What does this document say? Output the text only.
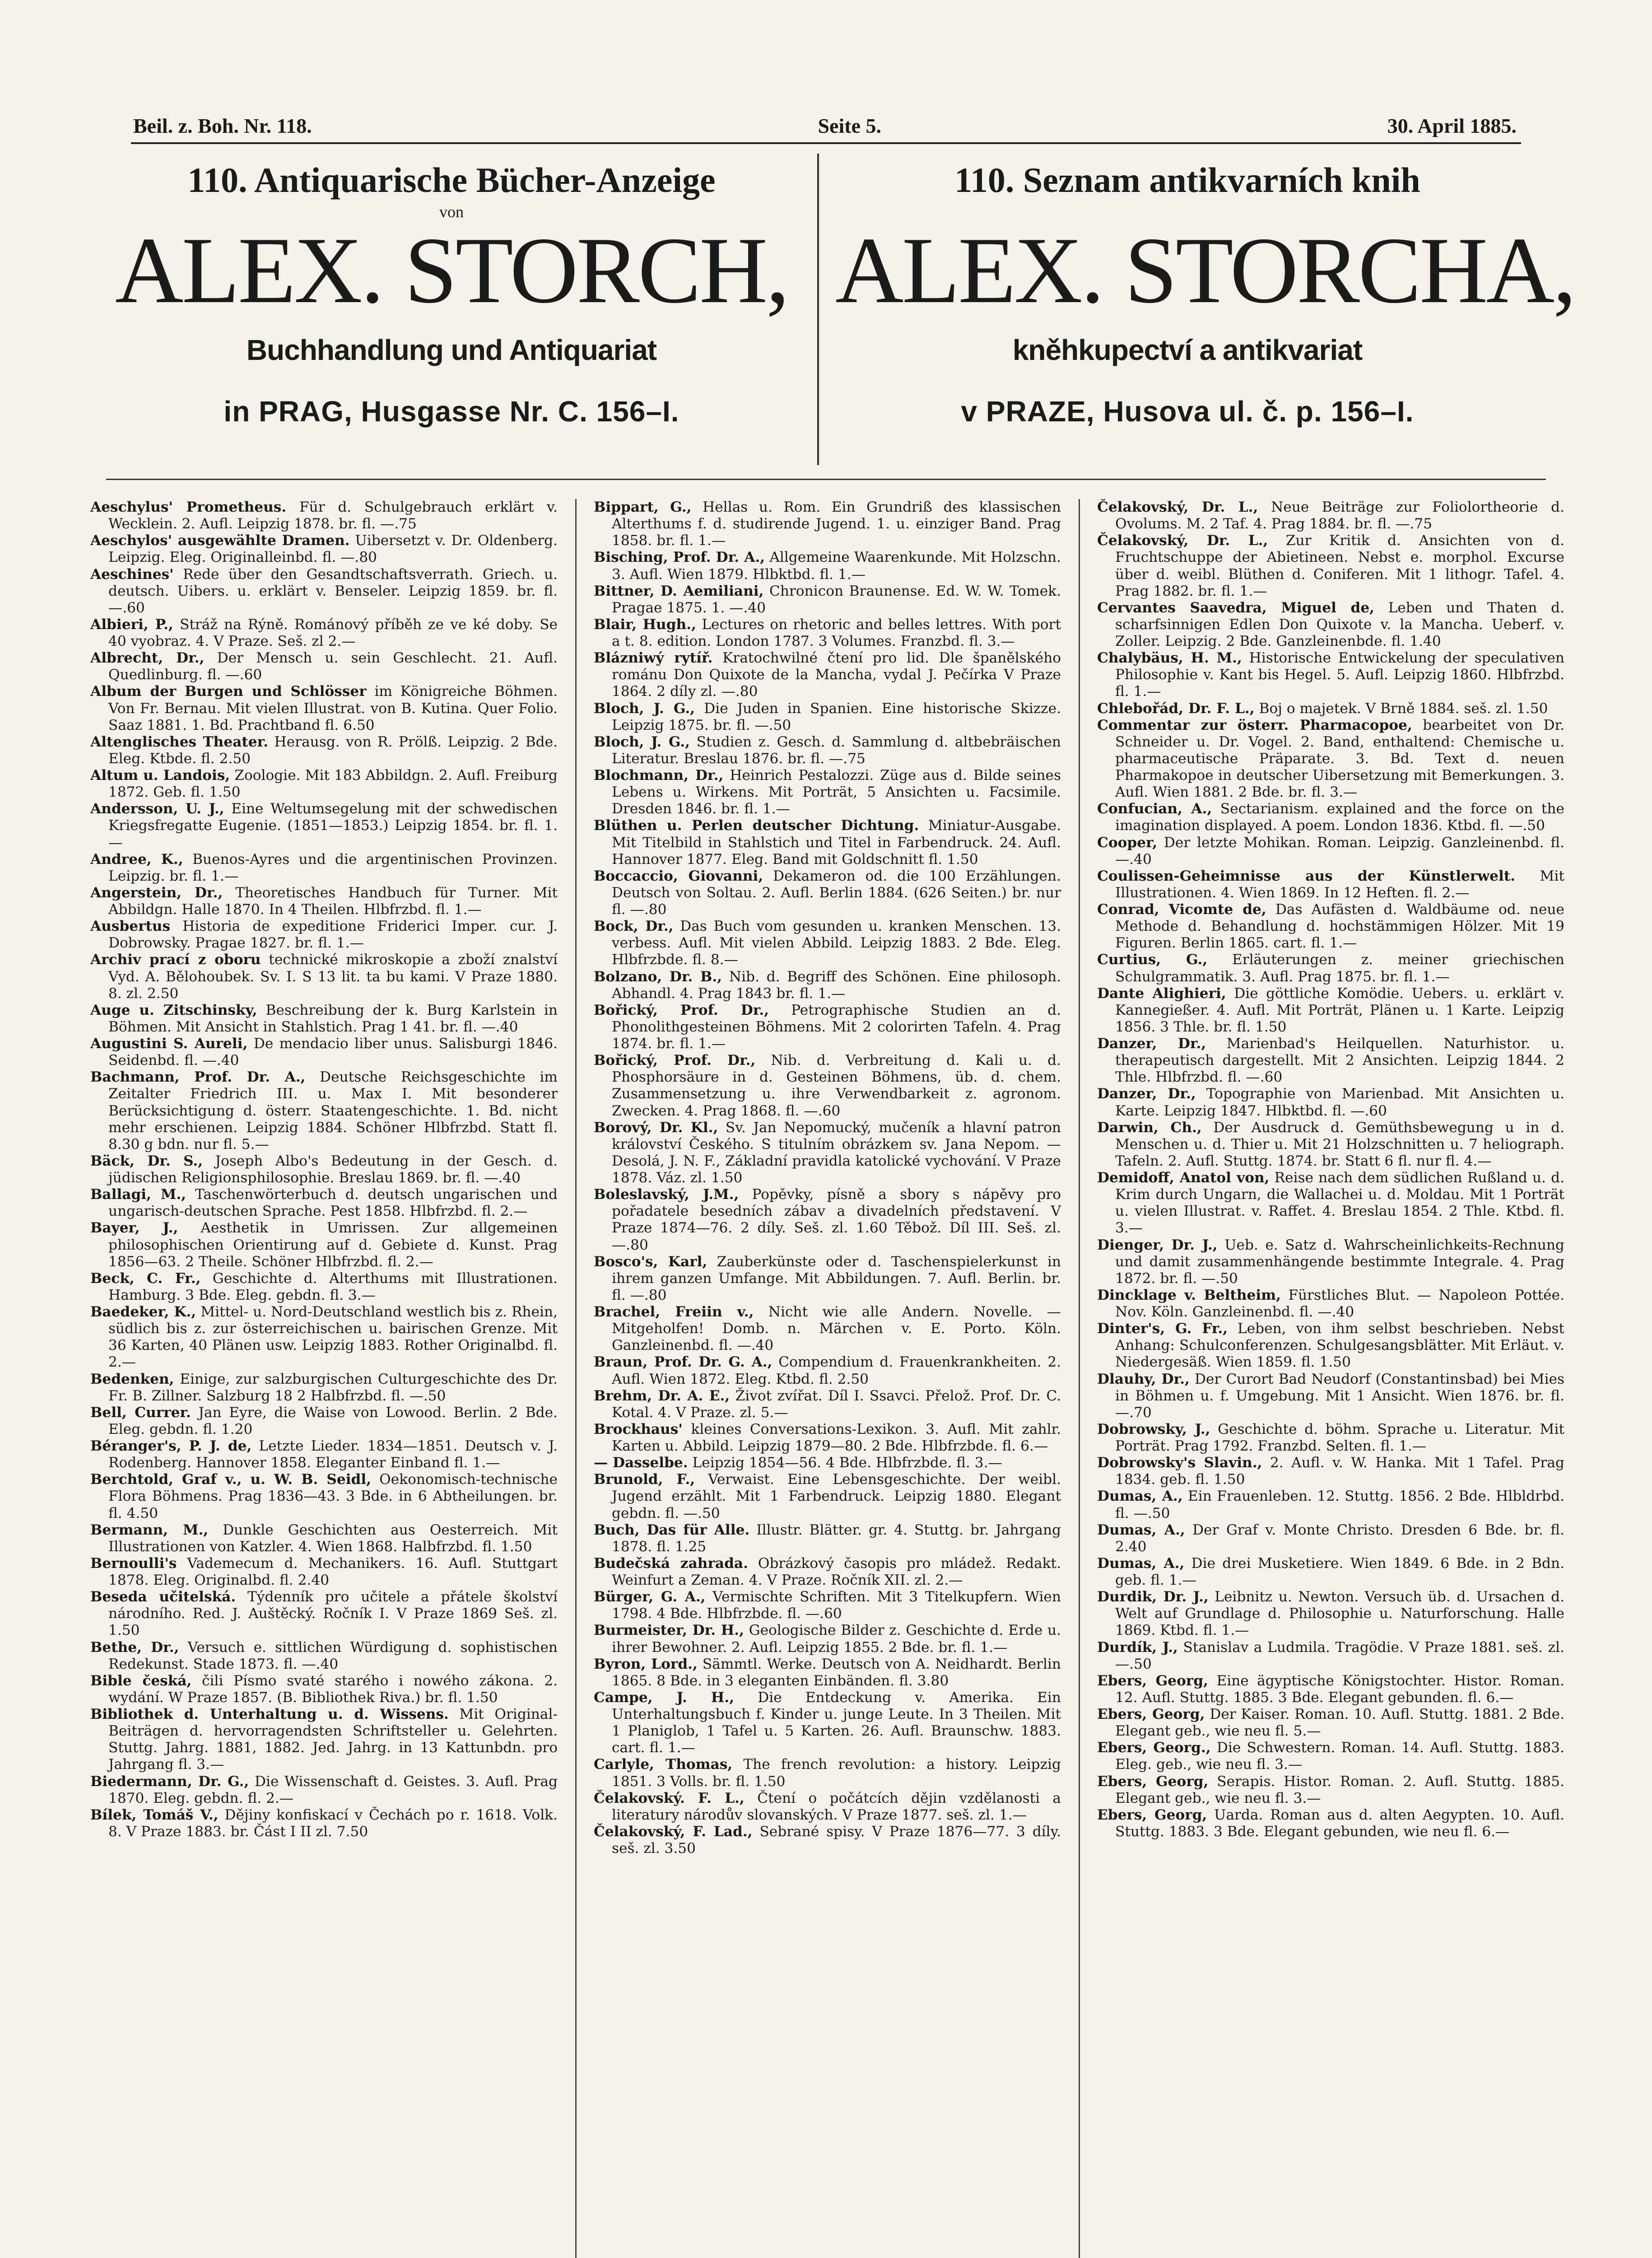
Beil. z. Boh. Nr. 118.	Seite 5.	30. April 1885.
110. Antiquarische Bücher-Anzeige
von
ALEX. STORCH,
Buchhandlung und Antiquariat
in PRAG, Husgasse Nr. C. 156–I.
110. Seznam antikvarních knih
ALEX. STORCHA,
kněhkupectví a antikvariat
v PRAZE, Husova ul. č. p. 156–I.

Aeschylus' Prometheus. Für d. Schulgebrauch erklärt v. Wecklein. 2. Aufl. Leipzig 1878. br. fl. —.75

Aeschylos' ausgewählte Dramen. Uibersetzt v. Dr. Oldenberg. Leipzig. Eleg. Originalleinbd. fl. —.80

Aeschines' Rede über den Gesandtschaftsverrath. Griech. u. deutsch. Uibers. u. erklärt v. Benseler. Leipzig 1859. br. fl. —.60

Albieri, P., Stráž na Rýně. Románový příběh ze ve ké doby. Se 40 vyobraz. 4. V Praze. Seš. zl 2.—

Albrecht, Dr., Der Mensch u. sein Geschlecht. 21. Aufl. Quedlinburg. fl. —.60

Album der Burgen und Schlösser im Königreiche Böhmen. Von Fr. Bernau. Mit vielen Illustrat. von B. Kutina. Quer Folio. Saaz 1881. 1. Bd. Prachtband fl. 6.50

Altenglisches Theater. Herausg. von R. Prölß. Leipzig. 2 Bde. Eleg. Ktbde. fl. 2.50

Altum u. Landois, Zoologie. Mit 183 Abbildgn. 2. Aufl. Freiburg 1872. Geb. fl. 1.50

Andersson, U. J., Eine Weltumsegelung mit der schwedischen Kriegsfregatte Eugenie. (1851—1853.) Leipzig 1854. br. fl. 1.—

Andree, K., Buenos-Ayres und die argentinischen Provinzen. Leipzig. br. fl. 1.—

Angerstein, Dr., Theoretisches Handbuch für Turner. Mit Abbildgn. Halle 1870. In 4 Theilen. Hlbfrzbd. fl. 1.—

Ausbertus Historia de expeditione Friderici Imper. cur. J. Dobrowsky. Pragae 1827. br. fl. 1.—

Archiv prací z oboru technické mikroskopie a zboží znalství Vyd. A. Bělohoubek. Sv. I. S 13 lit. ta bu kami. V Praze 1880. 8. zl. 2.50

Auge u. Zitschinsky, Beschreibung der k. Burg Karlstein in Böhmen. Mit Ansicht in Stahlstich. Prag 1 41. br. fl. —.40

Augustini S. Aureli, De mendacio liber unus. Salisburgi 1846. Seidenbd. fl. —.40

Bachmann, Prof. Dr. A., Deutsche Reichsgeschichte im Zeitalter Friedrich III. u. Max I. Mit besonderer Berücksichtigung d. österr. Staatengeschichte. 1. Bd. nicht mehr erschienen. Leipzig 1884. Schöner Hlbfrzbd. Statt fl. 8.30 g bdn. nur fl. 5.—

Bäck, Dr. S., Joseph Albo's Bedeutung in der Gesch. d. jüdischen Religionsphilosophie. Breslau 1869. br. fl. —.40

Ballagi, M., Taschenwörterbuch d. deutsch ungarischen und ungarisch-deutschen Sprache. Pest 1858. Hlbfrzbd. fl. 2.—

Bayer, J., Aesthetik in Umrissen. Zur allgemeinen philosophischen Orientirung auf d. Gebiete d. Kunst. Prag 1856—63. 2 Theile. Schöner Hlbfrzbd. fl. 2.—

Beck, C. Fr., Geschichte d. Alterthums mit Illustrationen. Hamburg. 3 Bde. Eleg. gebdn. fl. 3.—

Baedeker, K., Mittel- u. Nord-Deutschland westlich bis z. Rhein, südlich bis z. zur österreichischen u. bairischen Grenze. Mit 36 Karten, 40 Plänen usw. Leipzig 1883. Rother Originalbd. fl. 2.—

Bedenken, Einige, zur salzburgischen Culturgeschichte des Dr. Fr. B. Zillner. Salzburg 18 2 Halbfrzbd. fl. —.50

Bell, Currer. Jan Eyre, die Waise von Lowood. Berlin. 2 Bde. Eleg. gebdn. fl. 1.20

Béranger's, P. J. de, Letzte Lieder. 1834—1851. Deutsch v. J. Rodenberg. Hannover 1858. Eleganter Einband fl. 1.—

Berchtold, Graf v., u. W. B. Seidl, Oekonomisch-technische Flora Böhmens. Prag 1836—43. 3 Bde. in 6 Abtheilungen. br. fl. 4.50

Bermann, M., Dunkle Geschichten aus Oesterreich. Mit Illustrationen von Katzler. 4. Wien 1868. Halbfrzbd. fl. 1.50

Bernoulli's Vademecum d. Mechanikers. 16. Aufl. Stuttgart 1878. Eleg. Originalbd. fl. 2.40

Beseda učitelská. Týdenník pro učitele a přátele školství národního. Red. J. Auštěcký. Ročník I. V Praze 1869 Seš. zl. 1.50

Bethe, Dr., Versuch e. sittlichen Würdigung d. sophistischen Redekunst. Stade 1873. fl. —.40

Bible česká, čili Písmo svaté starého i nowého zákona. 2. wydání. W Praze 1857. (B. Bibliothek Riva.) br. fl. 1.50

Bibliothek d. Unterhaltung u. d. Wissens. Mit Original-Beiträgen d. hervorragendsten Schriftsteller u. Gelehrten. Stuttg. Jahrg. 1881, 1882. Jed. Jahrg. in 13 Kattunbdn. pro Jahrgang fl. 3.—

Biedermann, Dr. G., Die Wissenschaft d. Geistes. 3. Aufl. Prag 1870. Eleg. gebdn. fl. 2.—

Bílek, Tomáš V., Dějiny konfiskací v Čechách po r. 1618. Volk. 8. V Praze 1883. br. Část I II zl. 7.50

Bippart, G., Hellas u. Rom. Ein Grundriß des klassischen Alterthums f. d. studirende Jugend. 1. u. einziger Band. Prag 1858. br. fl. 1.—

Bisching, Prof. Dr. A., Allgemeine Waarenkunde. Mit Holzschn. 3. Aufl. Wien 1879. Hlbktbd. fl. 1.—

Bittner, D. Aemiliani, Chronicon Braunense. Ed. W. W. Tomek. Pragae 1875. 1. —.40

Blair, Hugh., Lectures on rhetoric and belles lettres. With port a t. 8. edition. London 1787. 3 Volumes. Franzbd. fl. 3.—

Blázniwý rytíř. Kratochwilné čtení pro lid. Dle španělského románu Don Quixote de la Mancha, vydal J. Pečírka V Praze 1864. 2 díly zl. —.80

Bloch, J. G., Die Juden in Spanien. Eine historische Skizze. Leipzig 1875. br. fl. —.50

Bloch, J. G., Studien z. Gesch. d. Sammlung d. altbebräischen Literatur. Breslau 1876. br. fl. —.75

Blochmann, Dr., Heinrich Pestalozzi. Züge aus d. Bilde seines Lebens u. Wirkens. Mit Porträt, 5 Ansichten u. Facsimile. Dresden 1846. br. fl. 1.—

Blüthen u. Perlen deutscher Dichtung. Miniatur-Ausgabe. Mit Titelbild in Stahlstich und Titel in Farbendruck. 24. Aufl. Hannover 1877. Eleg. Band mit Goldschnitt fl. 1.50

Boccaccio, Giovanni, Dekameron od. die 100 Erzählungen. Deutsch von Soltau. 2. Aufl. Berlin 1884. (626 Seiten.) br. nur fl. —.80

Bock, Dr., Das Buch vom gesunden u. kranken Menschen. 13. verbess. Aufl. Mit vielen Abbild. Leipzig 1883. 2 Bde. Eleg. Hlbfrzbde. fl. 8.—

Bolzano, Dr. B., Nib. d. Begriff des Schönen. Eine philosoph. Abhandl. 4. Prag 1843 br. fl. 1.—

Bořický, Prof. Dr., Petrographische Studien an d. Phonolithgesteinen Böhmens. Mit 2 colorirten Tafeln. 4. Prag 1874. br. fl. 1.—

Bořický, Prof. Dr., Nib. d. Verbreitung d. Kali u. d. Phosphorsäure in d. Gesteinen Böhmens, üb. d. chem. Zusammensetzung u. ihre Verwendbarkeit z. agronom. Zwecken. 4. Prag 1868. fl. —.60

Borový, Dr. Kl., Sv. Jan Nepomucký, mučeník a hlavní patron království Českého. S titulním obrázkem sv. Jana Nepom. — Desolá, J. N. F., Základní pravidla katolické vychování. V Praze 1878. Váz. zl. 1.50

Boleslavský, J.M., Popěvky, písně a sbory s nápěvy pro pořadatele besedních zábav a divadelních představení. V Praze 1874—76. 2 díly. Seš. zl. 1.60 Těbož. Díl III. Seš. zl. —.80

Bosco's, Karl, Zauberkünste oder d. Taschenspielerkunst in ihrem ganzen Umfange. Mit Abbildungen. 7. Aufl. Berlin. br. fl. —.80

Brachel, Freiin v., Nicht wie alle Andern. Novelle. — Mitgeholfen! Domb. n. Märchen v. E. Porto. Köln. Ganzleinenbd. fl. —.40

Braun, Prof. Dr. G. A., Compendium d. Frauenkrankheiten. 2. Aufl. Wien 1872. Eleg. Ktbd. fl. 2.50

Brehm, Dr. A. E., Život zvířat. Díl I. Ssavci. Přelož. Prof. Dr. C. Kotal. 4. V Praze. zl. 5.—

Brockhaus' kleines Conversations-Lexikon. 3. Aufl. Mit zahlr. Karten u. Abbild. Leipzig 1879—80. 2 Bde. Hlbfrzbde. fl. 6.—

— Dasselbe. Leipzig 1854—56. 4 Bde. Hlbfrzbde. fl. 3.—

Brunold, F., Verwaist. Eine Lebensgeschichte. Der weibl. Jugend erzählt. Mit 1 Farbendruck. Leipzig 1880. Elegant gebdn. fl. —.50

Buch, Das für Alle. Illustr. Blätter. gr. 4. Stuttg. br. Jahrgang 1878. fl. 1.25

Budečská zahrada. Obrázkový časopis pro mládež. Redakt. Weinfurt a Zeman. 4. V Praze. Ročník XII. zl. 2.—

Bürger, G. A., Vermischte Schriften. Mit 3 Titelkupfern. Wien 1798. 4 Bde. Hlbfrzbde. fl. —.60

Burmeister, Dr. H., Geologische Bilder z. Geschichte d. Erde u. ihrer Bewohner. 2. Aufl. Leipzig 1855. 2 Bde. br. fl. 1.—

Byron, Lord., Sämmtl. Werke. Deutsch von A. Neidhardt. Berlin 1865. 8 Bde. in 3 eleganten Einbänden. fl. 3.80

Campe, J. H., Die Entdeckung v. Amerika. Ein Unterhaltungsbuch f. Kinder u. junge Leute. In 3 Theilen. Mit 1 Planiglob, 1 Tafel u. 5 Karten. 26. Aufl. Braunschw. 1883. cart. fl. 1.—

Carlyle, Thomas, The french revolution: a history. Leipzig 1851. 3 Volls. br. fl. 1.50

Čelakovský. F. L., Čtení o počátcích dějin vzdělanosti a literatury národův slovanských. V Praze 1877. seš. zl. 1.—

Čelakovský, F. Lad., Sebrané spisy. V Praze 1876—77. 3 díly. seš. zl. 3.50

Čelakovský, Dr. L., Neue Beiträge zur Foliolortheorie d. Ovolums. M. 2 Taf. 4. Prag 1884. br. fl. —.75

Čelakovský, Dr. L., Zur Kritik d. Ansichten von d. Fruchtschuppe der Abietineen. Nebst e. morphol. Excurse über d. weibl. Blüthen d. Coniferen. Mit 1 lithogr. Tafel. 4. Prag 1882. br. fl. 1.—

Cervantes Saavedra, Miguel de, Leben und Thaten d. scharfsinnigen Edlen Don Quixote v. la Mancha. Ueberf. v. Zoller. Leipzig. 2 Bde. Ganzleinenbde. fl. 1.40

Chalybäus, H. M., Historische Entwickelung der speculativen Philosophie v. Kant bis Hegel. 5. Aufl. Leipzig 1860. Hlbfrzbd. fl. 1.—

Chlebořád, Dr. F. L., Boj o majetek. V Brně 1884. seš. zl. 1.50

Commentar zur österr. Pharmacopoe, bearbeitet von Dr. Schneider u. Dr. Vogel. 2. Band, enthaltend: Chemische u. pharmaceutische Präparate. 3. Bd. Text d. neuen Pharmakopoe in deutscher Uibersetzung mit Bemerkungen. 3. Aufl. Wien 1881. 2 Bde. br. fl. 3.—

Confucian, A., Sectarianism. explained and the force on the imagination displayed. A poem. London 1836. Ktbd. fl. —.50

Cooper, Der letzte Mohikan. Roman. Leipzig. Ganzleinenbd. fl. —.40

Coulissen-Geheimnisse aus der Künstlerwelt. Mit Illustrationen. 4. Wien 1869. In 12 Heften. fl. 2.—

Conrad, Vicomte de, Das Aufästen d. Waldbäume od. neue Methode d. Behandlung d. hochstämmigen Hölzer. Mit 19 Figuren. Berlin 1865. cart. fl. 1.—

Curtius, G., Erläuterungen z. meiner griechischen Schulgrammatik. 3. Aufl. Prag 1875. br. fl. 1.—

Dante Alighieri, Die göttliche Komödie. Uebers. u. erklärt v. Kannegießer. 4. Aufl. Mit Porträt, Plänen u. 1 Karte. Leipzig 1856. 3 Thle. br. fl. 1.50

Danzer, Dr., Marienbad's Heilquellen. Naturhistor. u. therapeutisch dargestellt. Mit 2 Ansichten. Leipzig 1844. 2 Thle. Hlbfrzbd. fl. —.60

Danzer, Dr., Topographie von Marienbad. Mit Ansichten u. Karte. Leipzig 1847. Hlbktbd. fl. —.60

Darwin, Ch., Der Ausdruck d. Gemüthsbewegung u in d. Menschen u. d. Thier u. Mit 21 Holzschnitten u. 7 heliograph. Tafeln. 2. Aufl. Stuttg. 1874. br. Statt 6 fl. nur fl. 4.—

Demidoff, Anatol von, Reise nach dem südlichen Rußland u. d. Krim durch Ungarn, die Wallachei u. d. Moldau. Mit 1 Porträt u. vielen Illustrat. v. Raffet. 4. Breslau 1854. 2 Thle. Ktbd. fl. 3.—

Dienger, Dr. J., Ueb. e. Satz d. Wahrscheinlichkeits-Rechnung und damit zusammenhängende bestimmte Integrale. 4. Prag 1872. br. fl. —.50

Dincklage v. Beltheim, Fürstliches Blut. — Napoleon Pottée. Nov. Köln. Ganzleinenbd. fl. —.40

Dinter's, G. Fr., Leben, von ihm selbst beschrieben. Nebst Anhang: Schulconferenzen. Schulgesangsblätter. Mit Erläut. v. Niedergesäß. Wien 1859. fl. 1.50

Dlauhy, Dr., Der Curort Bad Neudorf (Constantinsbad) bei Mies in Böhmen u. f. Umgebung. Mit 1 Ansicht. Wien 1876. br. fl. —.70

Dobrowsky, J., Geschichte d. böhm. Sprache u. Literatur. Mit Porträt. Prag 1792. Franzbd. Selten. fl. 1.—

Dobrowsky's Slavin., 2. Aufl. v. W. Hanka. Mit 1 Tafel. Prag 1834. geb. fl. 1.50

Dumas, A., Ein Frauenleben. 12. Stuttg. 1856. 2 Bde. Hlbldrbd. fl. —.50

Dumas, A., Der Graf v. Monte Christo. Dresden 6 Bde. br. fl. 2.40

Dumas, A., Die drei Musketiere. Wien 1849. 6 Bde. in 2 Bdn. geb. fl. 1.—

Durdik, Dr. J., Leibnitz u. Newton. Versuch üb. d. Ursachen d. Welt auf Grundlage d. Philosophie u. Naturforschung. Halle 1869. Ktbd. fl. 1.—

Durdík, J., Stanislav a Ludmila. Tragödie. V Praze 1881. seš. zl. —.50

Ebers, Georg, Eine ägyptische Königstochter. Histor. Roman. 12. Aufl. Stuttg. 1885. 3 Bde. Elegant gebunden. fl. 6.—

Ebers, Georg, Der Kaiser. Roman. 10. Aufl. Stuttg. 1881. 2 Bde. Elegant geb., wie neu fl. 5.—

Ebers, Georg., Die Schwestern. Roman. 14. Aufl. Stuttg. 1883. Eleg. geb., wie neu fl. 3.—

Ebers, Georg, Serapis. Histor. Roman. 2. Aufl. Stuttg. 1885. Elegant geb., wie neu fl. 3.—

Ebers, Georg, Uarda. Roman aus d. alten Aegypten. 10. Aufl. Stuttg. 1883. 3 Bde. Elegant gebunden, wie neu fl. 6.—
